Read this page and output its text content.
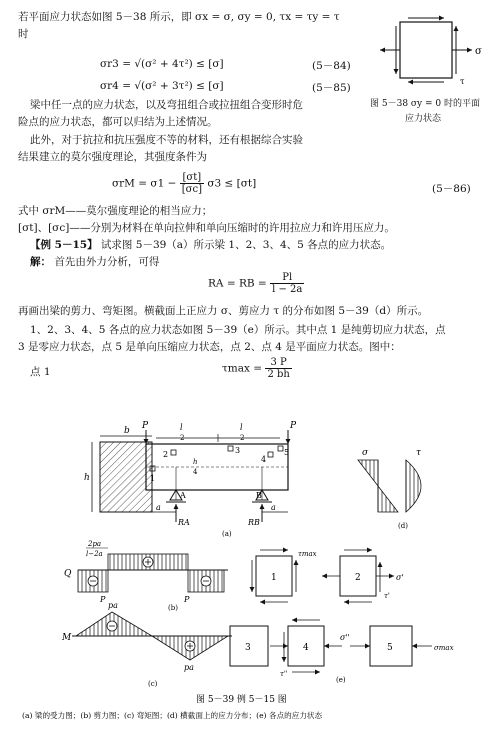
若平面应力状态如图 5－38 所示，即 σx = σ, σy = 0, τx = τy = τ
时
σr3 = √(σ² + 4τ²) ≤ [σ]	(5－84)
σr4 = √(σ² + 3τ²) ≤ [σ]	(5－85)
σ
τ
图 5－38 σy = 0 时的平面
应力状态
梁中任一点的应力状态，以及弯扭组合或拉扭组合变形时危
险点的应力状态，都可以归结为上述情况。
此外，对于抗拉和抗压强度不等的材料，还有根据综合实验
结果建立的莫尔强度理论，其强度条件为
$\sigma rM = \sigma 1 - \frac{[\sigma t]}{[\sigma c]} \sigma 3 \le [\sigma t]$	(5－86)
式中 σrM——莫尔强度理论的相当应力；
[σt]、[σc]——分别为材料在单向拉伸和单向压缩时的许用拉应力和许用压应力。
【例 5－15】 试求图 5－39（a）所示梁 1、2、3、4、5 各点的应力状态。
解： 首先由外力分析，可得
RA = RB = $\frac{Pl}{l - 2a}$
再画出梁的剪力、弯矩图。横截面上正应力 σ、剪应力 τ 的分布如图 5－39（d）所示。
1、2、3、4、5 各点的应力状态如图 5－39（e）所示。其中点 1 是纯剪切应力状态，点
3 是零应力状态，点 5 是单向压缩应力状态，点 2、点 4 是平面应力状态。图中：
点 1	$\tau\max = \frac{3 P}{2 bh}$
b
h
P	P
l	l
2	2
h
4
2
1
3
4
5
A	B
RA	RB
a	a
(a)
σ	τ
(d)
Q
2pa
l−2a
P	P
(b)
M
pa
pa
(c)
1
τmax
2	σ'
τ'
3	4
σ''
τ''
5	σmax
(e)
图 5－39 例 5－15 图
(a) 梁的受力图；(b) 剪力图；(c) 弯矩图；(d) 横截面上的应力分布；(e) 各点的应力状态
